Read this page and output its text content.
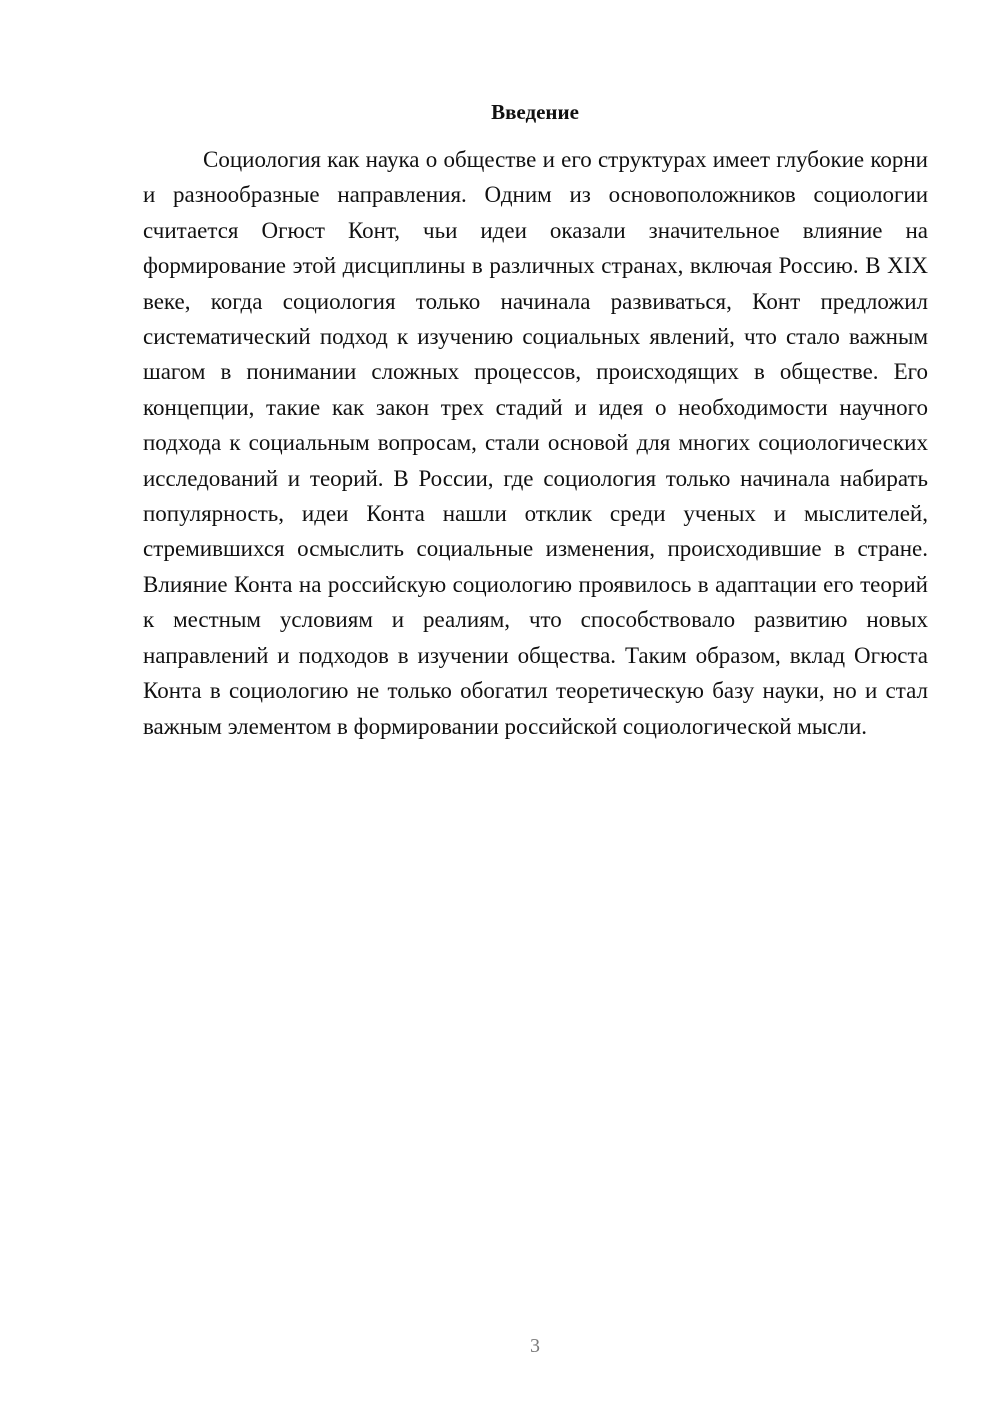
Введение

Социология как наука о обществе и его структурах имеет глубокие корни и разнообразные направления. Одним из основоположников социологии считается Огюст Конт, чьи идеи оказали значительное влияние на формирование этой дисциплины в различных странах, включая Россию. В XIX веке, когда социология только начинала развиваться, Конт предложил систематический подход к изучению социальных явлений, что стало важным шагом в понимании сложных процессов, происходящих в обществе. Его концепции, такие как закон трех стадий и идея о необходимости научного подхода к социальным вопросам, стали основой для многих социологических исследований и теорий. В России, где социология только начинала набирать популярность, идеи Конта нашли отклик среди ученых и мыслителей, стремившихся осмыслить социальные изменения, происходившие в стране. Влияние Конта на российскую социологию проявилось в адаптации его теорий к местным условиям и реалиям, что способствовало развитию новых направлений и подходов в изучении общества. Таким образом, вклад Огюста Конта в социологию не только обогатил теоретическую базу науки, но и стал важным элементом в формировании российской социологической мысли.

3
